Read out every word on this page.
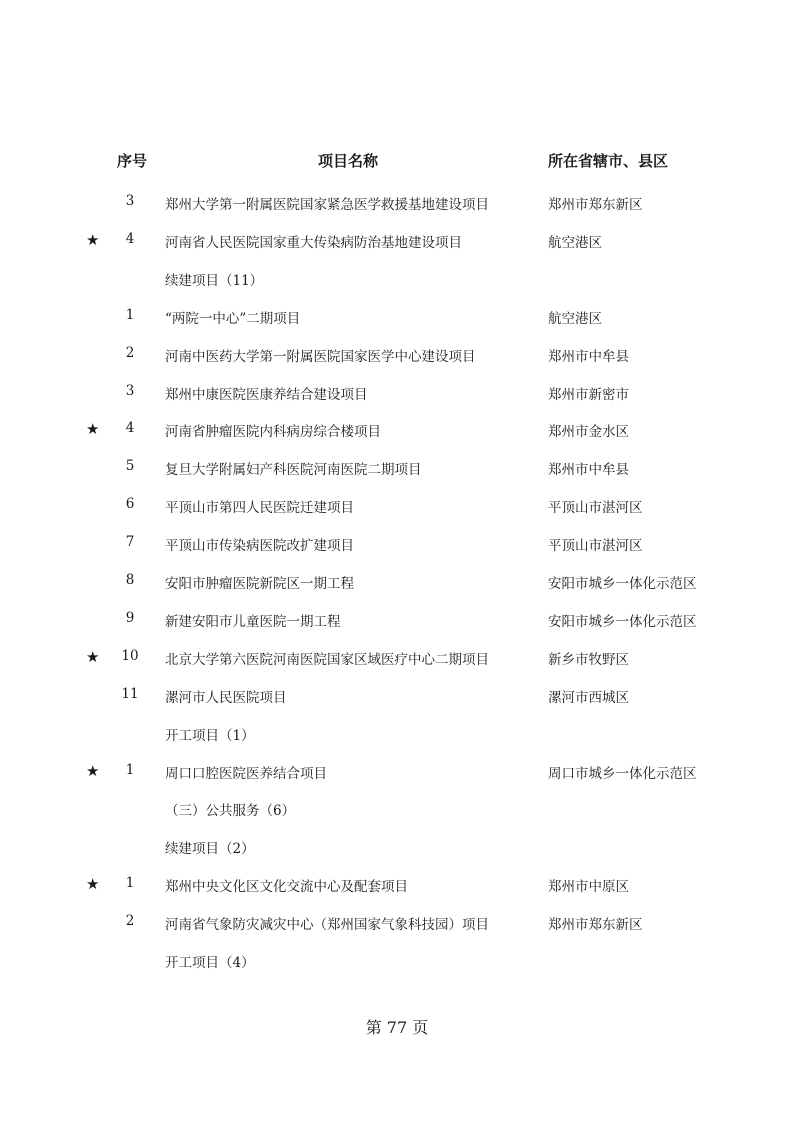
序号	项目名称	所在省辖市、县区
3	郑州大学第一附属医院国家紧急医学救援基地建设项目	郑州市郑东新区
★	4	河南省人民医院国家重大传染病防治基地建设项目	航空港区
续建项目（11）
1	“两院一中心”二期项目	航空港区
2	河南中医药大学第一附属医院国家医学中心建设项目	郑州市中牟县
3	郑州中康医院医康养结合建设项目	郑州市新密市
★	4	河南省肿瘤医院内科病房综合楼项目	郑州市金水区
5	复旦大学附属妇产科医院河南医院二期项目	郑州市中牟县
6	平顶山市第四人民医院迁建项目	平顶山市湛河区
7	平顶山市传染病医院改扩建项目	平顶山市湛河区
8	安阳市肿瘤医院新院区一期工程	安阳市城乡一体化示范区
9	新建安阳市儿童医院一期工程	安阳市城乡一体化示范区
★ 10 北京大学第六医院河南医院国家区域医疗中心二期项目	新乡市牧野区
11 漯河市人民医院项目	漯河市西城区
开工项目（1）
★	1	周口口腔医院医养结合项目	周口市城乡一体化示范区
（三）公共服务（6）
续建项目（2）
★	1	郑州中央文化区文化交流中心及配套项目	郑州市中原区
2	河南省气象防灾减灾中心（郑州国家气象科技园）项目	郑州市郑东新区
开工项目（4）
第 77 页
